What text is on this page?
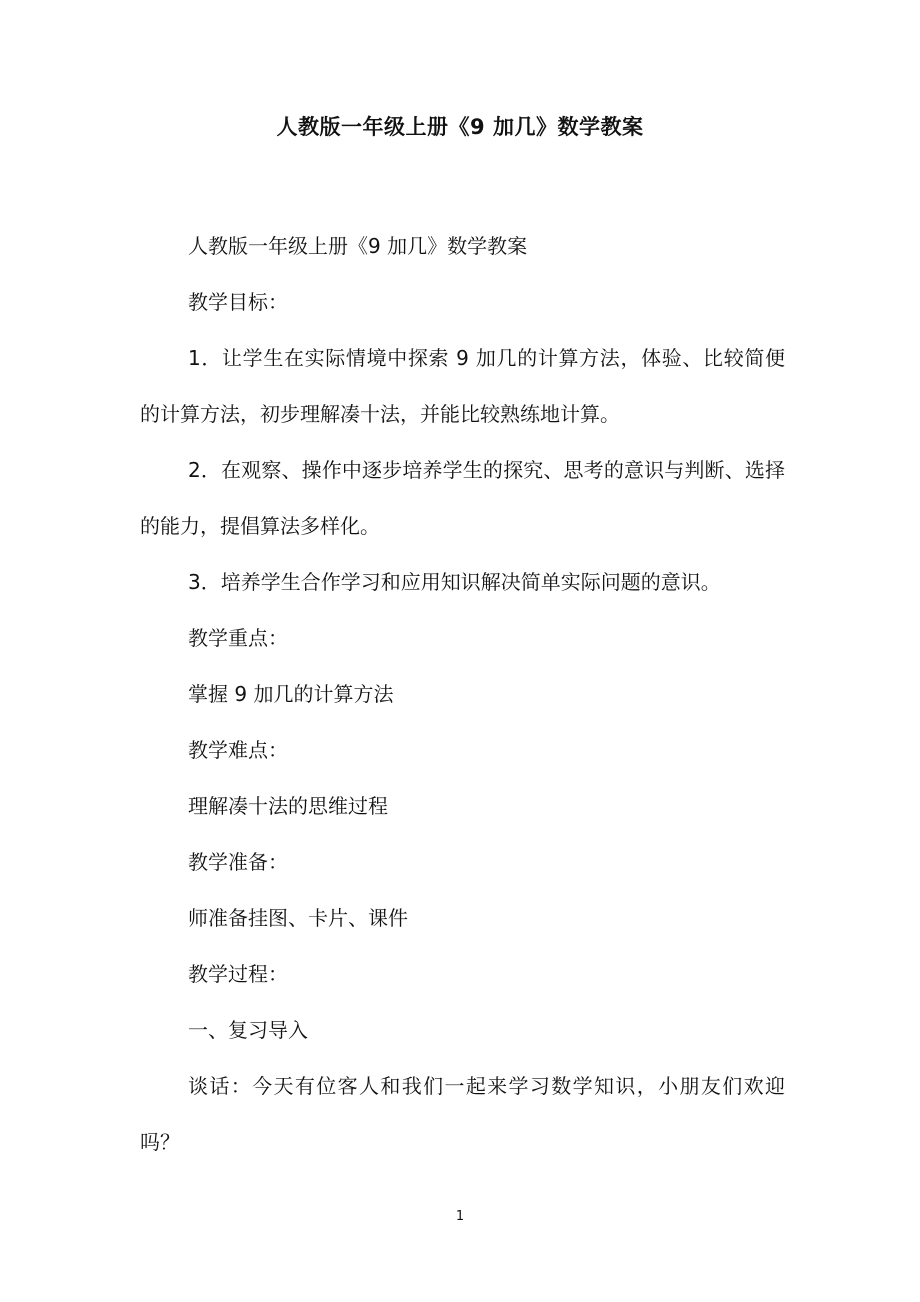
人教版一年级上册《9 加几》数学教案

人教版一年级上册《9 加几》数学教案

教学目标：

1．让学生在实际情境中探索 9 加几的计算方法，体验、比较简便的计算方法，初步理解凑十法，并能比较熟练地计算。

2．在观察、操作中逐步培养学生的探究、思考的意识与判断、选择的能力，提倡算法多样化。

3．培养学生合作学习和应用知识解决简单实际问题的意识。

教学重点：

掌握 9 加几的计算方法

教学难点：

理解凑十法的思维过程

教学准备：

师准备挂图、卡片、课件

教学过程：

一、复习导入

谈话：今天有位客人和我们一起来学习数学知识，小朋友们欢迎吗？

1
